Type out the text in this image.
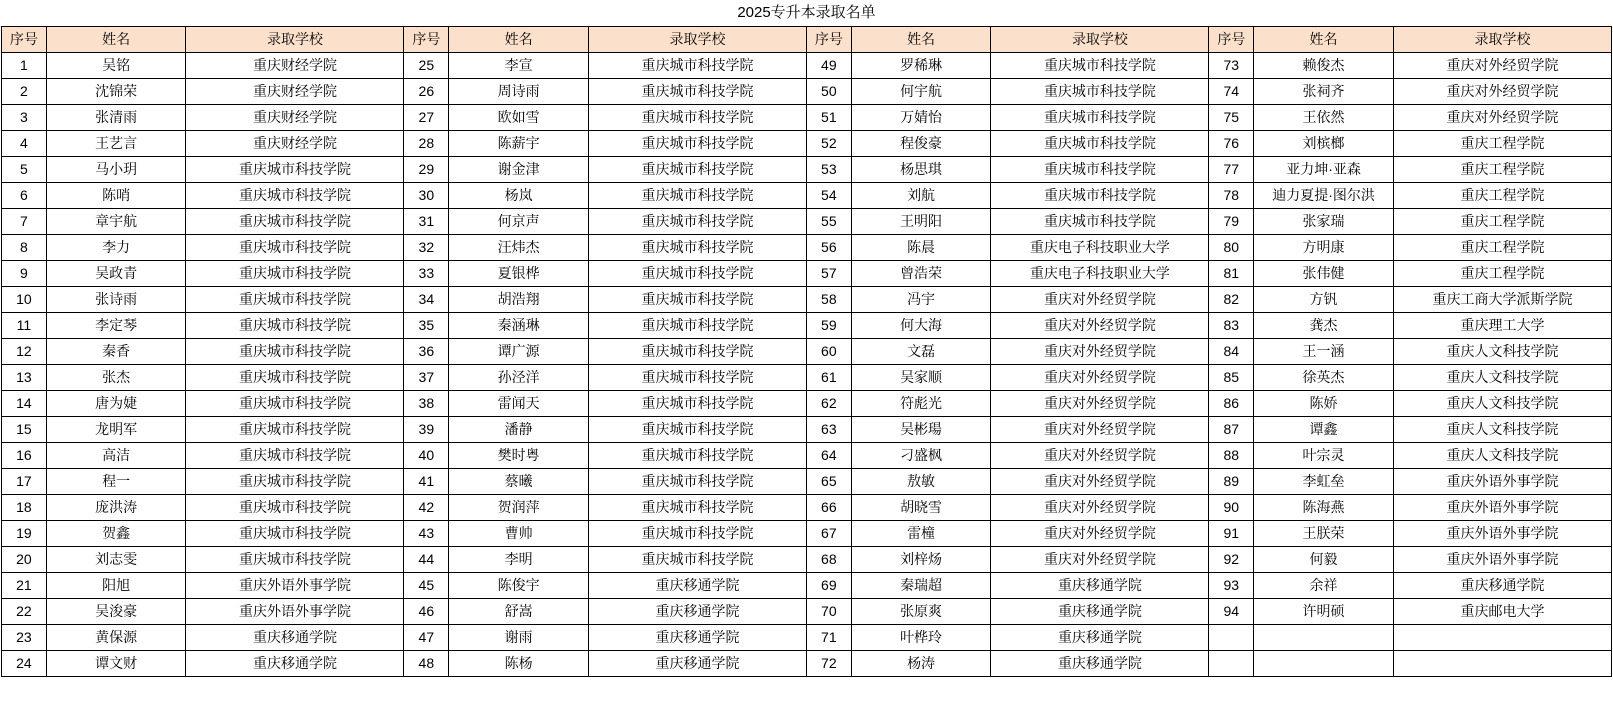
2025专升本录取名单
序号	姓名	录取学校	序号	姓名	录取学校	序号	姓名	录取学校	序号	姓名	录取学校
1	吴铭	重庆财经学院	25	李宣	重庆城市科技学院	49	罗稀琳	重庆城市科技学院	73	赖俊杰	重庆对外经贸学院
2	沈锦荣	重庆财经学院	26	周诗雨	重庆城市科技学院	50	何宇航	重庆城市科技学院	74	张祠齐	重庆对外经贸学院
3	张清雨	重庆财经学院	27	欧如雪	重庆城市科技学院	51	万婧怡	重庆城市科技学院	75	王依然	重庆对外经贸学院
4	王艺言	重庆财经学院	28	陈薪宇	重庆城市科技学院	52	程俊豪	重庆城市科技学院	76	刘槟榔	重庆工程学院
5	马小玥	重庆城市科技学院	29	谢金津	重庆城市科技学院	53	杨思琪	重庆城市科技学院	77	亚力坤·亚森	重庆工程学院
6	陈哨	重庆城市科技学院	30	杨岚	重庆城市科技学院	54	刘航	重庆城市科技学院	78	迪力夏提·图尔洪	重庆工程学院
7	章宇航	重庆城市科技学院	31	何京声	重庆城市科技学院	55	王明阳	重庆城市科技学院	79	张家瑞	重庆工程学院
8	李力	重庆城市科技学院	32	汪炜杰	重庆城市科技学院	56	陈晨	重庆电子科技职业大学	80	方明康	重庆工程学院
9	吴政青	重庆城市科技学院	33	夏银桦	重庆城市科技学院	57	曾浩荣	重庆电子科技职业大学	81	张伟健	重庆工程学院
10	张诗雨	重庆城市科技学院	34	胡浩翔	重庆城市科技学院	58	冯宇	重庆对外经贸学院	82	方钒	重庆工商大学派斯学院
11	李定琴	重庆城市科技学院	35	秦涵琳	重庆城市科技学院	59	何大海	重庆对外经贸学院	83	龚杰	重庆理工大学
12	秦香	重庆城市科技学院	36	谭广源	重庆城市科技学院	60	文磊	重庆对外经贸学院	84	王一涵	重庆人文科技学院
13	张杰	重庆城市科技学院	37	孙泾洋	重庆城市科技学院	61	吴家顺	重庆对外经贸学院	85	徐英杰	重庆人文科技学院
14	唐为婕	重庆城市科技学院	38	雷闻天	重庆城市科技学院	62	符彪光	重庆对外经贸学院	86	陈娇	重庆人文科技学院
15	龙明军	重庆城市科技学院	39	潘静	重庆城市科技学院	63	吴彬瑒	重庆对外经贸学院	87	谭鑫	重庆人文科技学院
16	高洁	重庆城市科技学院	40	樊时粤	重庆城市科技学院	64	刁盛枫	重庆对外经贸学院	88	叶宗灵	重庆人文科技学院
17	程一	重庆城市科技学院	41	蔡曦	重庆城市科技学院	65	敖敏	重庆对外经贸学院	89	李虹垒	重庆外语外事学院
18	庞洪涛	重庆城市科技学院	42	贺润萍	重庆城市科技学院	66	胡晓雪	重庆对外经贸学院	90	陈海燕	重庆外语外事学院
19	贺鑫	重庆城市科技学院	43	曹帅	重庆城市科技学院	67	雷橦	重庆对外经贸学院	91	王朕荣	重庆外语外事学院
20	刘志雯	重庆城市科技学院	44	李明	重庆城市科技学院	68	刘梓炀	重庆对外经贸学院	92	何毅	重庆外语外事学院
21	阳旭	重庆外语外事学院	45	陈俊宇	重庆移通学院	69	秦瑞超	重庆移通学院	93	余祥	重庆移通学院
22	吴浚豪	重庆外语外事学院	46	舒嵩	重庆移通学院	70	张原爽	重庆移通学院	94	许明硕	重庆邮电大学
23	黄保源	重庆移通学院	47	谢雨	重庆移通学院	71	叶桦玲	重庆移通学院			
24	谭文财	重庆移通学院	48	陈杨	重庆移通学院	72	杨涛	重庆移通学院			
